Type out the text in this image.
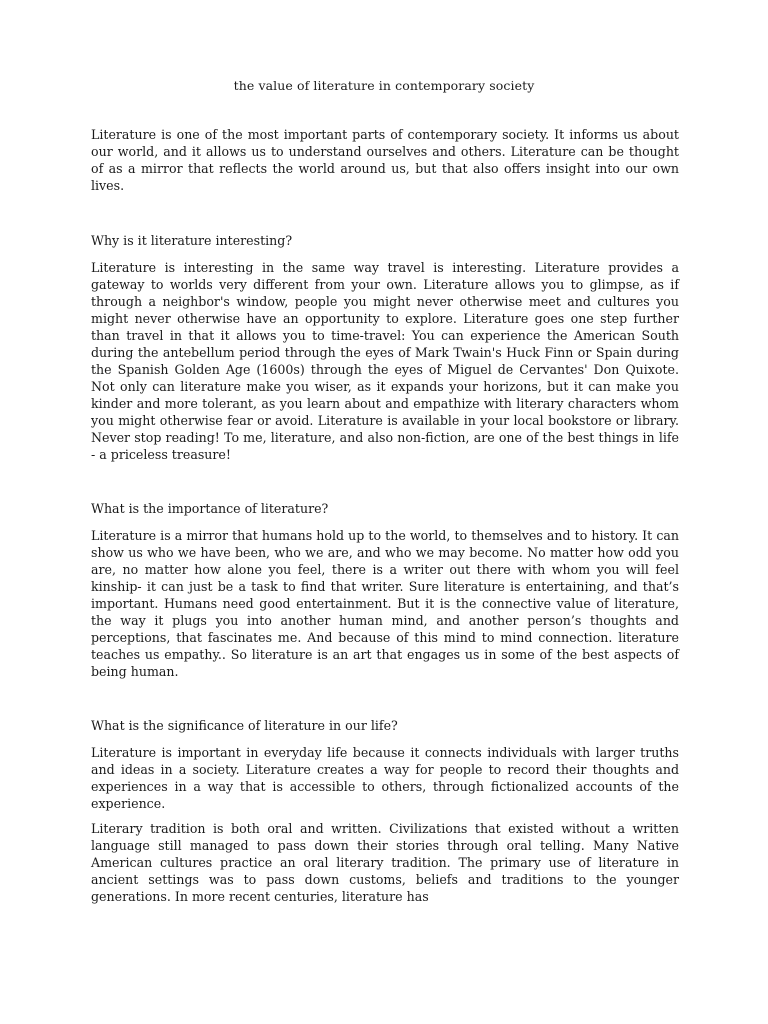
the value of literature in contemporary society

Literature is one of the most important parts of contemporary society. It informs us about our world, and it allows us to understand ourselves and others. Literature can be thought of as a mirror that reflects the world around us, but that also offers insight into our own lives.

Why is it literature interesting?

Literature is interesting in the same way travel is interesting. Literature provides a gateway to worlds very different from your own. Literature allows you to glimpse, as if through a neighbor's window, people you might never otherwise meet and cultures you might never otherwise have an opportunity to explore. Literature goes one step further than travel in that it allows you to time-travel: You can experience the American South during the antebellum period through the eyes of Mark Twain's Huck Finn or Spain during the Spanish Golden Age (1600s) through the eyes of Miguel de Cervantes' Don Quixote. Not only can literature make you wiser, as it expands your horizons, but it can make you kinder and more tolerant, as you learn about and empathize with literary characters whom you might otherwise fear or avoid. Literature is available in your local bookstore or library. Never stop reading! To me, literature, and also non-fiction, are one of the best things in life - a priceless treasure!

What is the importance of literature?

Literature is a mirror that humans hold up to the world, to themselves and to history. It can show us who we have been, who we are, and who we may become. No matter how odd you are, no matter how alone you feel, there is a writer out there with whom you will feel kinship- it can just be a task to find that writer. Sure literature is entertaining, and that’s important. Humans need good entertainment. But it is the connective value of literature, the way it plugs you into another human mind, and another person’s thoughts and perceptions, that fascinates me. And because of this mind to mind connection. literature teaches us empathy.. So literature is an art that engages us in some of the best aspects of being human.

What is the significance of literature in our life?

Literature is important in everyday life because it connects individuals with larger truths and ideas in a society. Literature creates a way for people to record their thoughts and experiences in a way that is accessible to others, through fictionalized accounts of the experience.

Literary tradition is both oral and written. Civilizations that existed without a written language still managed to pass down their stories through oral telling. Many Native American cultures practice an oral literary tradition. The primary use of literature in ancient settings was to pass down customs, beliefs and traditions to the younger generations. In more recent centuries, literature has
